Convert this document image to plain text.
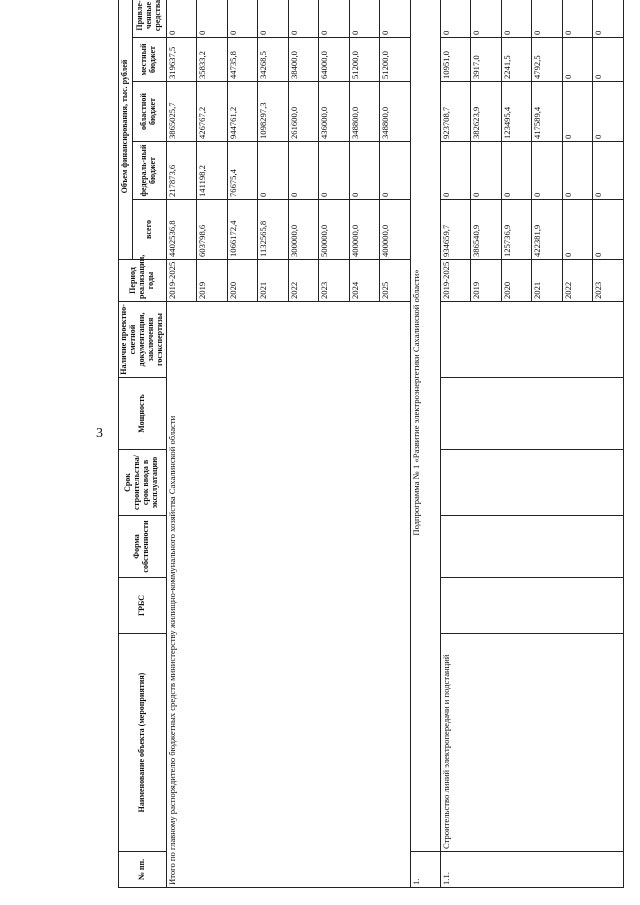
3
№ пп.	Наименование объекта (мероприятия)	ГРБС	Форма собственности	Срок строительства/ срок ввода в эксплуатацию	Мощность	Наличие проектно-сметной документации, заключения госэкспертизы	Период реализации, годы	Объем финансирования, тыс. рублей	
								всего	федераль-ный бюджет	областной бюджет	местный бюджет	Привле-ченные средства	
Итого по главному распорядителю бюджетных средств министерству жилищно-коммунального хозяйства Сахалинской области							2019-2025	4402536,8	217873,6	3865025,7	319637,5	0	
							2019	603798,6	141198,2	426767,2	35833,2	0	
							2020	1066172,4	76675,4	944761,2	44735,8	0	
							2021	1132565,8	0	1098297,3	34268,5	0	
							2022	300000,0	0	261600,0	38400,0	0	
							2023	500000,0	0	436000,0	64000,0	0	
							2024	400000,0	0	348800,0	51200,0	0	
							2025	400000,0	0	348800,0	51200,0	0	
1.	Подпрограмма № 1 «Развитие электроэнергетики Сахалинской области»												
1.1.	Строительство линий электропередачи и подстанций						2019-2025	934659,7	0	923708,7	10951,0	0	
							2019	386540,9	0	382623,9	3917,0	0	
							2020	125736,9	0	123495,4	2241,5	0	
							2021	422381,9	0	417589,4	4792,5	0	
							2022	0	0	0	0	0	
							2023	0	0	0	0	0	
